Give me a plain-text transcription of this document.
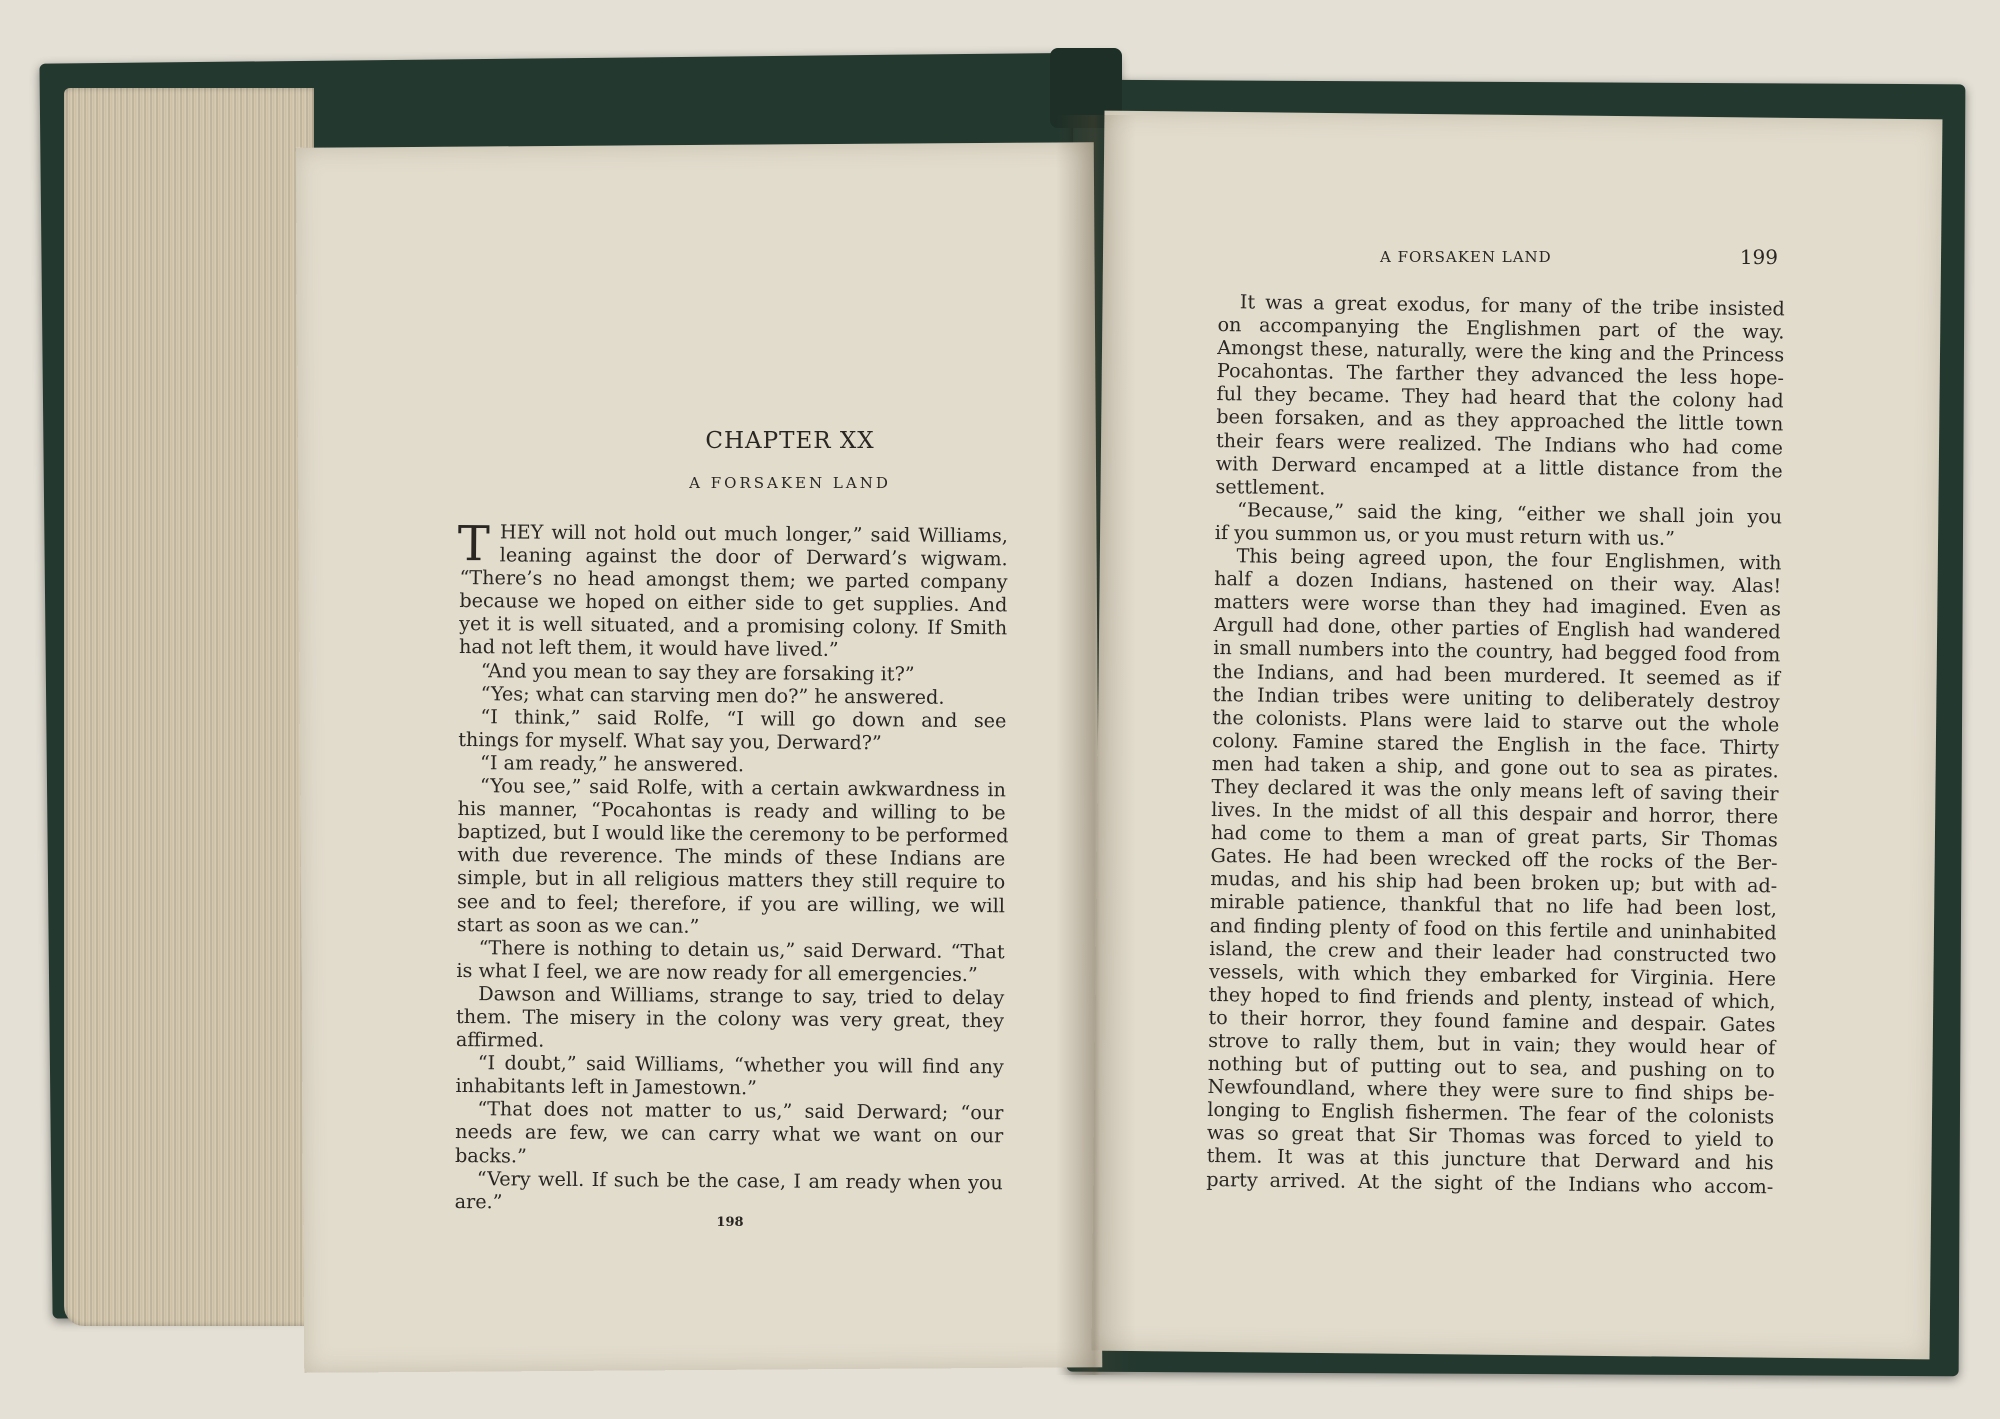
CHAPTER XX
A FORSAKEN LAND
T HEY will not hold out much longer,” said Williams,

leaning against the door of Derward’s wigwam.

“There’s no head amongst them; we parted company

because we hoped on either side to get supplies. And

yet it is well situated, and a promising colony. If Smith

had not left them, it would have lived.”

“And you mean to say they are forsaking it?”

“Yes; what can starving men do?” he answered.

“I think,” said Rolfe, “I will go down and see

things for myself. What say you, Derward?”

“I am ready,” he answered.

“You see,” said Rolfe, with a certain awkwardness in

his manner, “Pocahontas is ready and willing to be

baptized, but I would like the ceremony to be performed

with due reverence. The minds of these Indians are

simple, but in all religious matters they still require to

see and to feel; therefore, if you are willing, we will

start as soon as we can.”

“There is nothing to detain us,” said Derward. “That

is what I feel, we are now ready for all emergencies.”

Dawson and Williams, strange to say, tried to delay

them. The misery in the colony was very great, they

affirmed.

“I doubt,” said Williams, “whether you will find any

inhabitants left in Jamestown.”

“That does not matter to us,” said Derward; “our

needs are few, we can carry what we want on our

backs.”

“Very well. If such be the case, I am ready when you

are.”

198
A FORSAKEN LAND	199

It was a great exodus, for many of the tribe insisted

on accompanying the Englishmen part of the way.

Amongst these, naturally, were the king and the Princess

Pocahontas. The farther they advanced the less hope-

ful they became. They had heard that the colony had

been forsaken, and as they approached the little town

their fears were realized. The Indians who had come

with Derward encamped at a little distance from the

settlement.

“Because,” said the king, “either we shall join you

if you summon us, or you must return with us.”

This being agreed upon, the four Englishmen, with

half a dozen Indians, hastened on their way. Alas!

matters were worse than they had imagined. Even as

Argull had done, other parties of English had wandered

in small numbers into the country, had begged food from

the Indians, and had been murdered. It seemed as if

the Indian tribes were uniting to deliberately destroy

the colonists. Plans were laid to starve out the whole

colony. Famine stared the English in the face. Thirty

men had taken a ship, and gone out to sea as pirates.

They declared it was the only means left of saving their

lives. In the midst of all this despair and horror, there

had come to them a man of great parts, Sir Thomas

Gates. He had been wrecked off the rocks of the Ber-

mudas, and his ship had been broken up; but with ad-

mirable patience, thankful that no life had been lost,

and finding plenty of food on this fertile and uninhabited

island, the crew and their leader had constructed two

vessels, with which they embarked for Virginia. Here

they hoped to find friends and plenty, instead of which,

to their horror, they found famine and despair. Gates

strove to rally them, but in vain; they would hear of

nothing but of putting out to sea, and pushing on to

Newfoundland, where they were sure to find ships be-

longing to English fishermen. The fear of the colonists

was so great that Sir Thomas was forced to yield to

them. It was at this juncture that Derward and his

party arrived. At the sight of the Indians who accom-
